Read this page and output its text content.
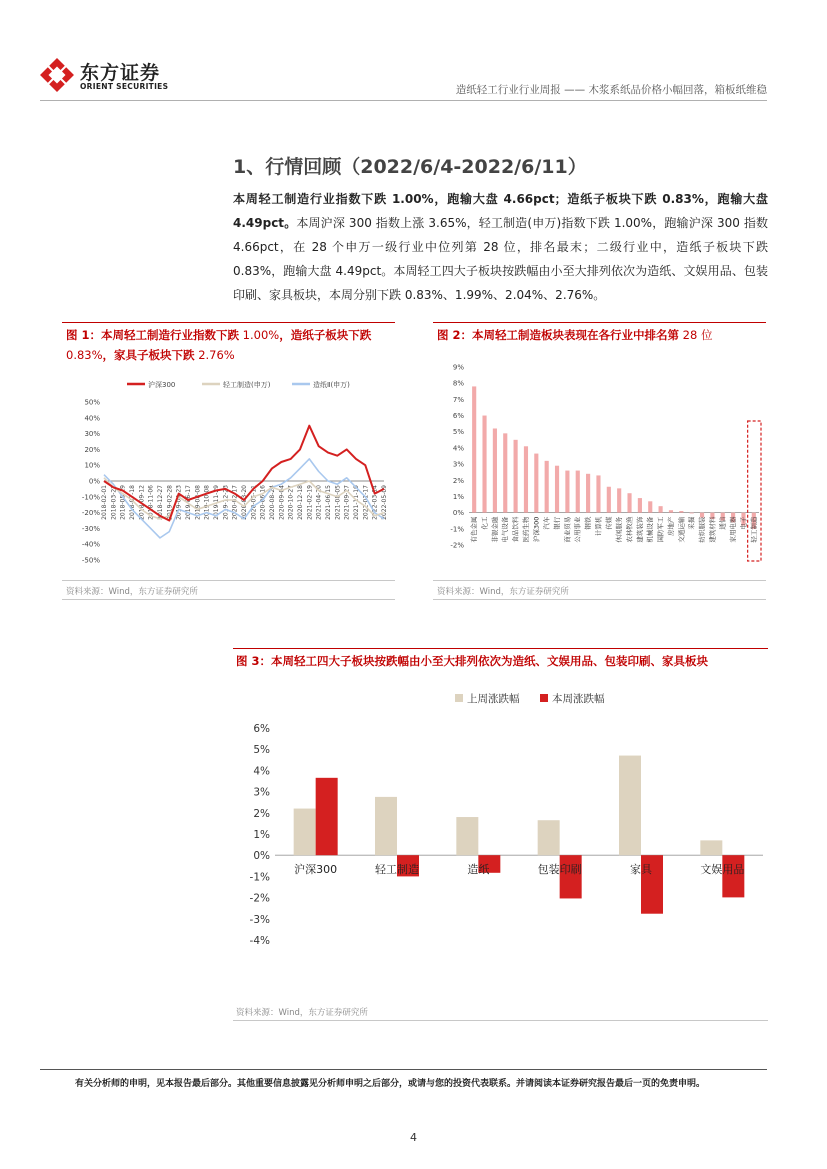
东方证券
ORIENT SECURITIES	造纸轻工行业行业周报 —— 木浆系纸品价格小幅回落，箱板纸维稳
1、行情回顾（2022/6/4-2022/6/11）
本周轻工制造行业指数下跌 1.00%，跑输大盘 4.66pct；造纸子板块下跌 0.83%，跑输大盘 4.49pct。本周沪深 300 指数上涨 3.65%，轻工制造(申万)指数下跌 1.00%，跑输沪深 300 指数 4.66pct，在 28 个申万一级行业中位列第 28 位，排名最末；二级行业中，造纸子板块下跌 0.83%，跑输大盘 4.49pct。本周轻工四大子板块按跌幅由小至大排列依次为造纸、文娱用品、包装印刷、家具板块，本周分别下跌 0.83%、1.99%、2.04%、2.76%。
图 1：本周轻工制造行业指数下跌 1.00%，造纸子板块下跌
0.83%，家具子板块下跌 2.76%
沪深300	轻工制造(申万)	造纸Ⅱ(申万)
50%
40%
30%
20%
10%
0%
-10%
-20%
-30%
-40%
-50%
2018-02-01 2018-03-27 2018-05-29 2018-07-18 2018-09-12 2018-11-06 2018-12-27 2019-02-28 2019-04-23 2019-06-17 2019-08-08 2019-10-08 2019-11-29 2019-12-23 2020-02-17 2020-03-20 2020-05-11 2020-06-16 2020-08-24 2020-09-04 2020-10-27 2020-12-18 2021-02-19 2021-04-20 2021-06-15 2021-08-05 2021-09-27 2021-11-19 2022-01-17 2022-03-14 2022-05-09
资料来源：Wind，东方证券研究所
图 2：本周轻工制造板块表现在各行业中排名第 28 位
9%
8%
7%
6%
5%
4%
3%
2%
1%
0%
-1%
-2%
有色金属 化工 非银金融 电气设备 食品饮料 医药生物 沪深300 汽车 银行 商业贸易 公用事业 钢铁 计算机 传媒 休闲服务 农林牧渔 建筑装饰 机械设备 国防军工 房地产 交通运输 采掘 纺织服装 建筑材料 通信 家用电器 电子 轻工制造
资料来源：Wind，东方证券研究所
图 3：本周轻工四大子板块按跌幅由小至大排列依次为造纸、文娱用品、包装印刷、家具板块
上周涨跌幅	本周涨跌幅
6%
5%
4%
3%
2%
1%
0%
-1%
-2%
-3%
-4%
沪深300	轻工制造	造纸	包装印刷	家具	文娱用品
资料来源：Wind，东方证券研究所
有关分析师的申明，见本报告最后部分。其他重要信息披露见分析师申明之后部分，或请与您的投资代表联系。并请阅读本证券研究报告最后一页的免责申明。
4
